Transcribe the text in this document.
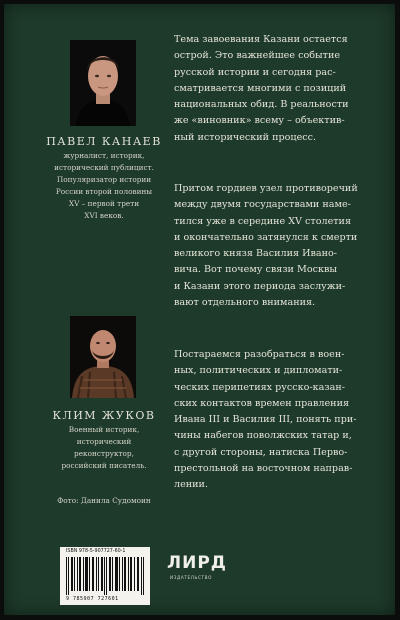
ПАВЕЛ КАНАЕВ
журналист, историк,
исторический публицист.
Популяризатор истории
России второй половины
XV – первой трети
XVI веков.
КЛИМ ЖУКОВ
Военный историк,
исторический
реконструктор,
российский писатель.
Фото: Данила Судомоин
Тема завоевания Казани остается
острой. Это важнейшее событие
русской истории и сегодня рас-
сматривается многими с позиций
национальных обид. В реальности
же «виновник» всему – объектив-
ный исторический процесс.
Притом гордиев узел противоречий
между двумя государствами наме-
тился уже в середине XV столетия
и окончательно затянулся к смерти
великого князя Василия Ивано-
вича. Вот почему связи Москвы
и Казани этого периода заслужи-
вают отдельного внимания.
Постараемся разобраться в воен-
ных, политических и дипломати-
ческих перипетиях русско-казан-
ских контактов времен правления
Ивана III и Василия III, понять при-
чины набегов поволжских татар и,
с другой стороны, натиска Перво-
престольной на восточном направ-
лении.
ISBN 978-5-907727-60-1
9 785907 727601
ЛИРД
ИЗДАТЕЛЬСТВО
